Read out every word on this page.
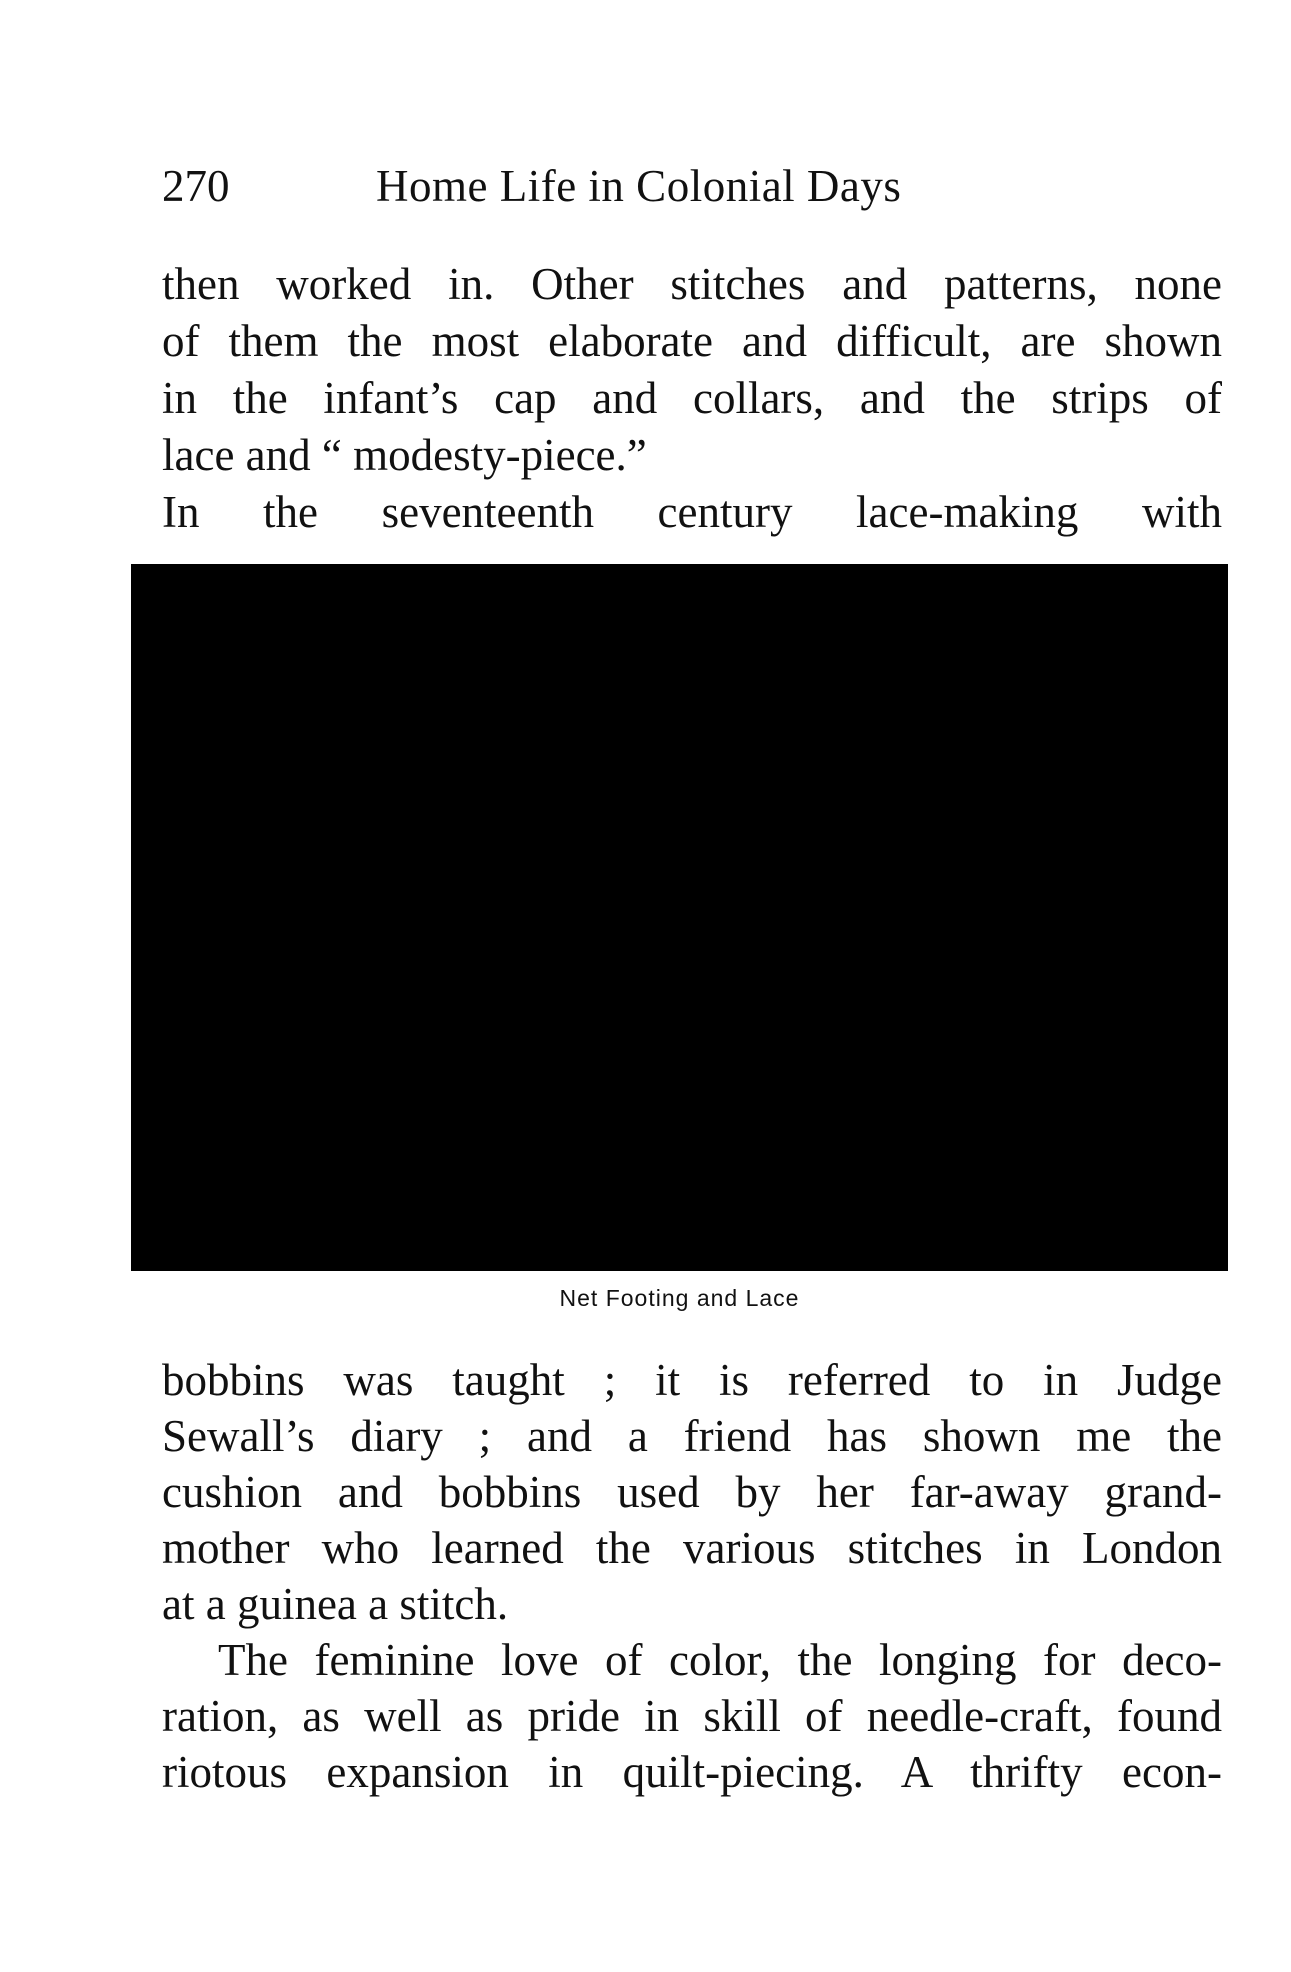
270	Home Life in Colonial Days
then worked in. Other stitches and patterns, none
of them the most elaborate and difficult, are shown
in the infant’s cap and collars, and the strips of
lace and “ modesty-piece.”
In the seventeenth century lace-making with
Net Footing and Lace
bobbins was taught ; it is referred to in Judge
Sewall’s diary ; and a friend has shown me the
cushion and bobbins used by her far-away grand-
mother who learned the various stitches in London
at a guinea a stitch.
The feminine love of color, the longing for deco-
ration, as well as pride in skill of needle-craft, found
riotous expansion in quilt-piecing. A thrifty econ-
